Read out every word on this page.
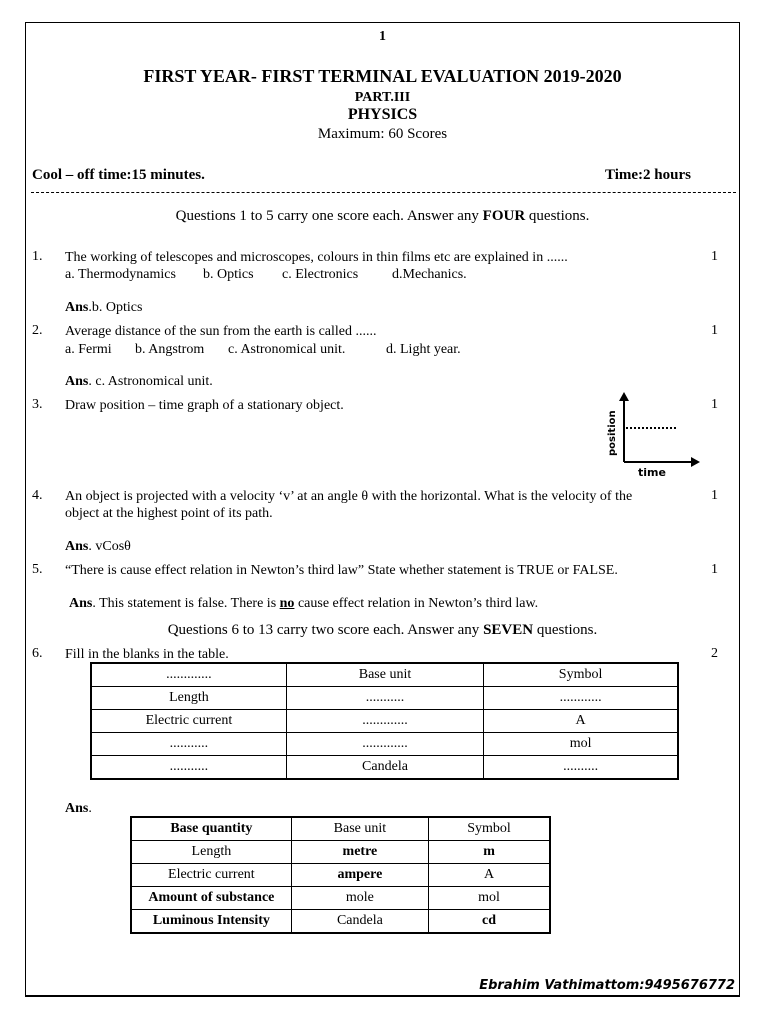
1
FIRST YEAR- FIRST TERMINAL EVALUATION 2019-2020
PART.III
PHYSICS
Maximum: 60 Scores
Cool – off time:15 minutes.	Time:2 hours
Questions 1 to 5 carry one score each. Answer any FOUR questions.
1. The working of telescopes and microscopes, colours in thin films etc are explained in ......	1
a. Thermodynamics b. Optics c. Electronics d.Mechanics.
Ans.b. Optics
2. Average distance of the sun from the earth is called ......	1
a. Fermi b. Angstrom c. Astronomical unit.	d. Light year.
Ans. c. Astronomical unit.
3. Draw position – time graph of a stationary object.	1
position
time
4. An object is projected with a velocity ‘v’ at an angle θ with the horizontal. What is the velocity of the
object at the highest point of its path.
1
Ans. vCosθ
5. “There is cause effect relation in Newton’s third law” State whether statement is TRUE or FALSE.	1
Ans. This statement is false. There is no cause effect relation in Newton’s third law.
Questions 6 to 13 carry two score each. Answer any SEVEN questions.
6. Fill in the blanks in the table.	2
.............	Base unit	Symbol
Length	...........	............
Electric current	.............	A
...........	.............	mol
...........	Candela	..........
Ans.
Base quantity	Base unit	Symbol
Length	metre	m
Electric current	ampere	A
Amount of substance	mole	mol
Luminous Intensity	Candela	cd
Ebrahim Vathimattom:9495676772
